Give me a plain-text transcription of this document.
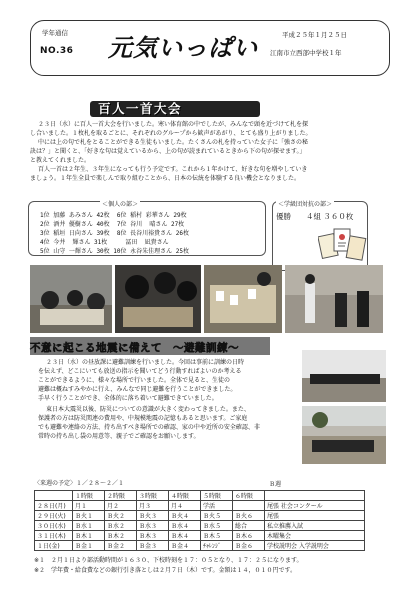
学年通信
NO.36 元気いっぱい	平成２５年１月２５日
江南市立西部中学校１年
百人一首大会
２３日（水）に百人一首大会を行いました。寒い体育館の中でしたが、みんなで頭を近づけて札を探
し合いました。１枚札を取るごとに、それぞれのグループから歓声があがり、とても盛り上がりました。
中には上の句で札をとることができる生徒もいました。たくさんの札を持っていた女子に「強さの秘
訣は？」と聞くと、「好きな句は覚えているから、上の句が読まれているときから下の句が探せます。」
と教えてくれました。
百人一首は２年生、３年生になっても行う予定です。これから１年かけて、好きな句を増やしていき
ましょう。１年生全員で楽しんで取り組むことから、日本の伝統を体験する良い機会となりました。
＜個人の部＞
1位 加藤 あみさん 42枚  6位 稲村 彩華さん 29枚
2位 酒井 優樹さん 40枚  7位 谷川  晴さん 27枚
3位 稲垣 日向さん 39枚  8位 長谷川裕貴さん 26枚
4位 今井  輝さん 31枚     冨田  凪貴さん
5位 山守 一輝さん 30枚 10位 永谷朱佳理さん 25枚
＜学級団対抗の部＞
優勝　　４組 ３６０枚
不意に起こる地震に備えて　～避難訓練～
２３日（水）の昼放課に避難訓練を行いました。今回は事前に訓練の日時
を伝えず、どこにいても放送の指示を聞いてどう行動すればよいのか考える
ことができるように、様々な場所で行いました。全体で見ると、生徒の
避難は概ねすみやかに行え、みんなで同じ避難を行うことができました。
手早く行うことができ、全体的に落ち着いて避難できていました。
東日本大震災以後、防災についての意識が大きく変わってきました。また、
保護者の方は防災関連の費用や、中規模地震の記憶もあると思います。ご家庭
でも避難や連絡の方法、持ち出すべき場所での確認、家の中や近所の安全確認、非
常時の持ち出し袋の用意等、親子でご確認をお願いします。
〈来週の予定〉１／２８～２／１	Ｂ週
	１時限	２時限	３時限	４時限	５時限	６時限	
２８日(月)	月１	月２	月３	月４	学活		尾張 社会コンクール
２９日(火)	Ｂ火１	Ｂ火２	Ｂ火３	Ｂ火４	Ｂ火５	Ｂ火６	尾張
３０日(水)	Ｂ水１	Ｂ水２	Ｂ水３	Ｂ水４	Ｂ水５	総合	私立推薦入試
３１日(木)	Ｂ木１	Ｂ木２	Ｂ木３	Ｂ木４	Ｂ木５	Ｂ木６	木曜集会
１日(金)	Ｂ金１	Ｂ金２	Ｂ金３	Ｂ金４	ﾁｬﾚﾝｼﾞ	Ｂ金６	学校説明会 入学説明会
※１　２月１日より部活動時間が１６３０、下校時刻を１７：０５となり、１７：２５になります。
※２　学年費・給食費などの銀行引き落としは２月７日（木）です。金額は１４，０１０円です。
